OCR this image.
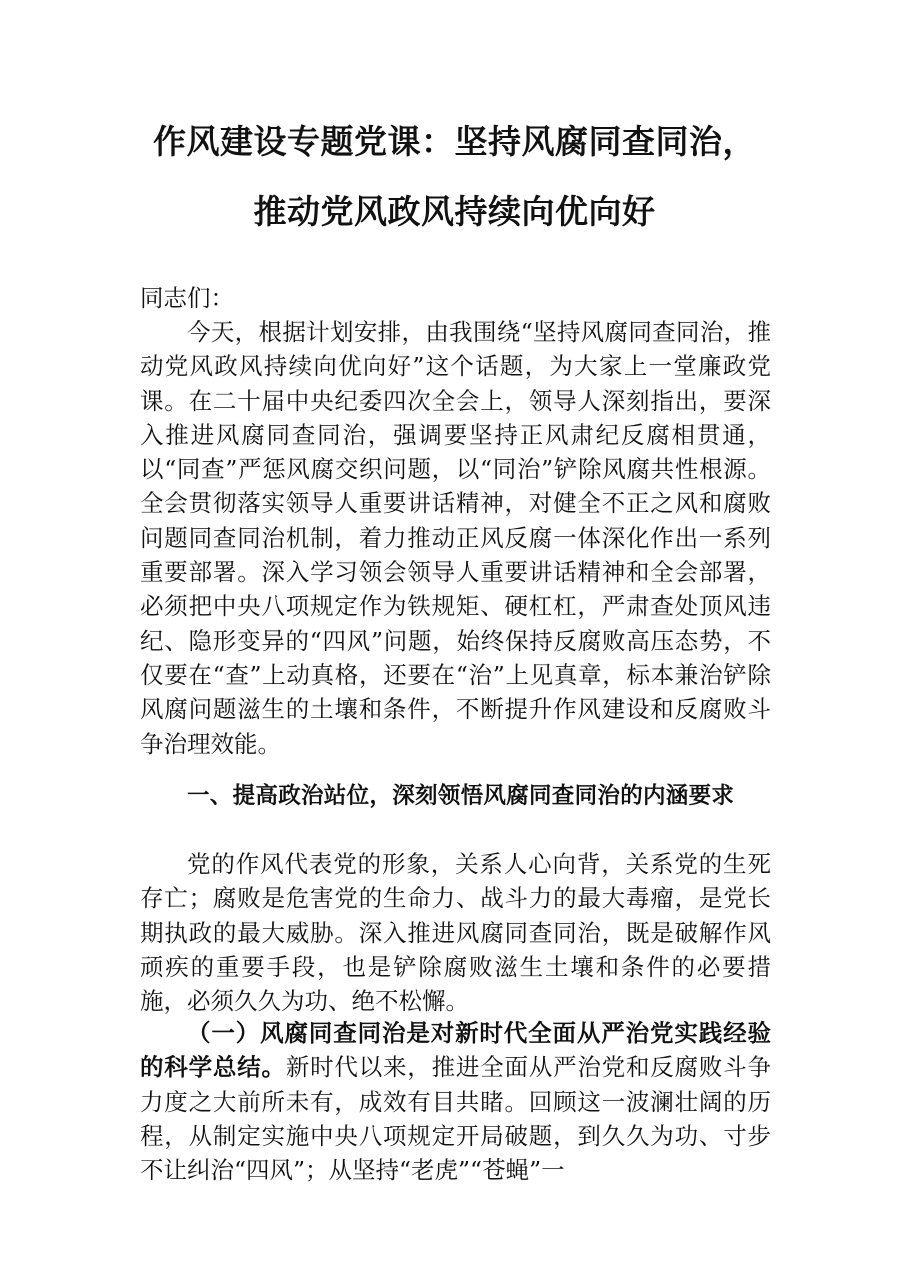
作风建设专题党课：坚持风腐同查同治，
推动党风政风持续向优向好
同志们：

今天，根据计划安排，由我围绕“坚持风腐同查同治，推动党风政风持续向优向好”这个话题，为大家上一堂廉政党课。在二十届中央纪委四次全会上，领导人深刻指出，要深入推进风腐同查同治，强调要坚持正风肃纪反腐相贯通，以“同查”严惩风腐交织问题，以“同治”铲除风腐共性根源。全会贯彻落实领导人重要讲话精神，对健全不正之风和腐败问题同查同治机制，着力推动正风反腐一体深化作出一系列重要部署。深入学习领会领导人重要讲话精神和全会部署，必须把中央八项规定作为铁规矩、硬杠杠，严肃查处顶风违纪、隐形变异的“四风”问题，始终保持反腐败高压态势，不仅要在“查”上动真格，还要在“治”上见真章，标本兼治铲除风腐问题滋生的土壤和条件，不断提升作风建设和反腐败斗争治理效能。

一、提高政治站位，深刻领悟风腐同查同治的内涵要求

党的作风代表党的形象，关系人心向背，关系党的生死存亡；腐败是危害党的生命力、战斗力的最大毒瘤，是党长期执政的最大威胁。深入推进风腐同查同治，既是破解作风顽疾的重要手段，也是铲除腐败滋生土壤和条件的必要措施，必须久久为功、绝不松懈。

（一）风腐同查同治是对新时代全面从严治党实践经验的科学总结。新时代以来，推进全面从严治党和反腐败斗争力度之大前所未有，成效有目共睹。回顾这一波澜壮阔的历程，从制定实施中央八项规定开局破题，到久久为功、寸步不让纠治“四风”；从坚持“老虎”“苍蝇”一
